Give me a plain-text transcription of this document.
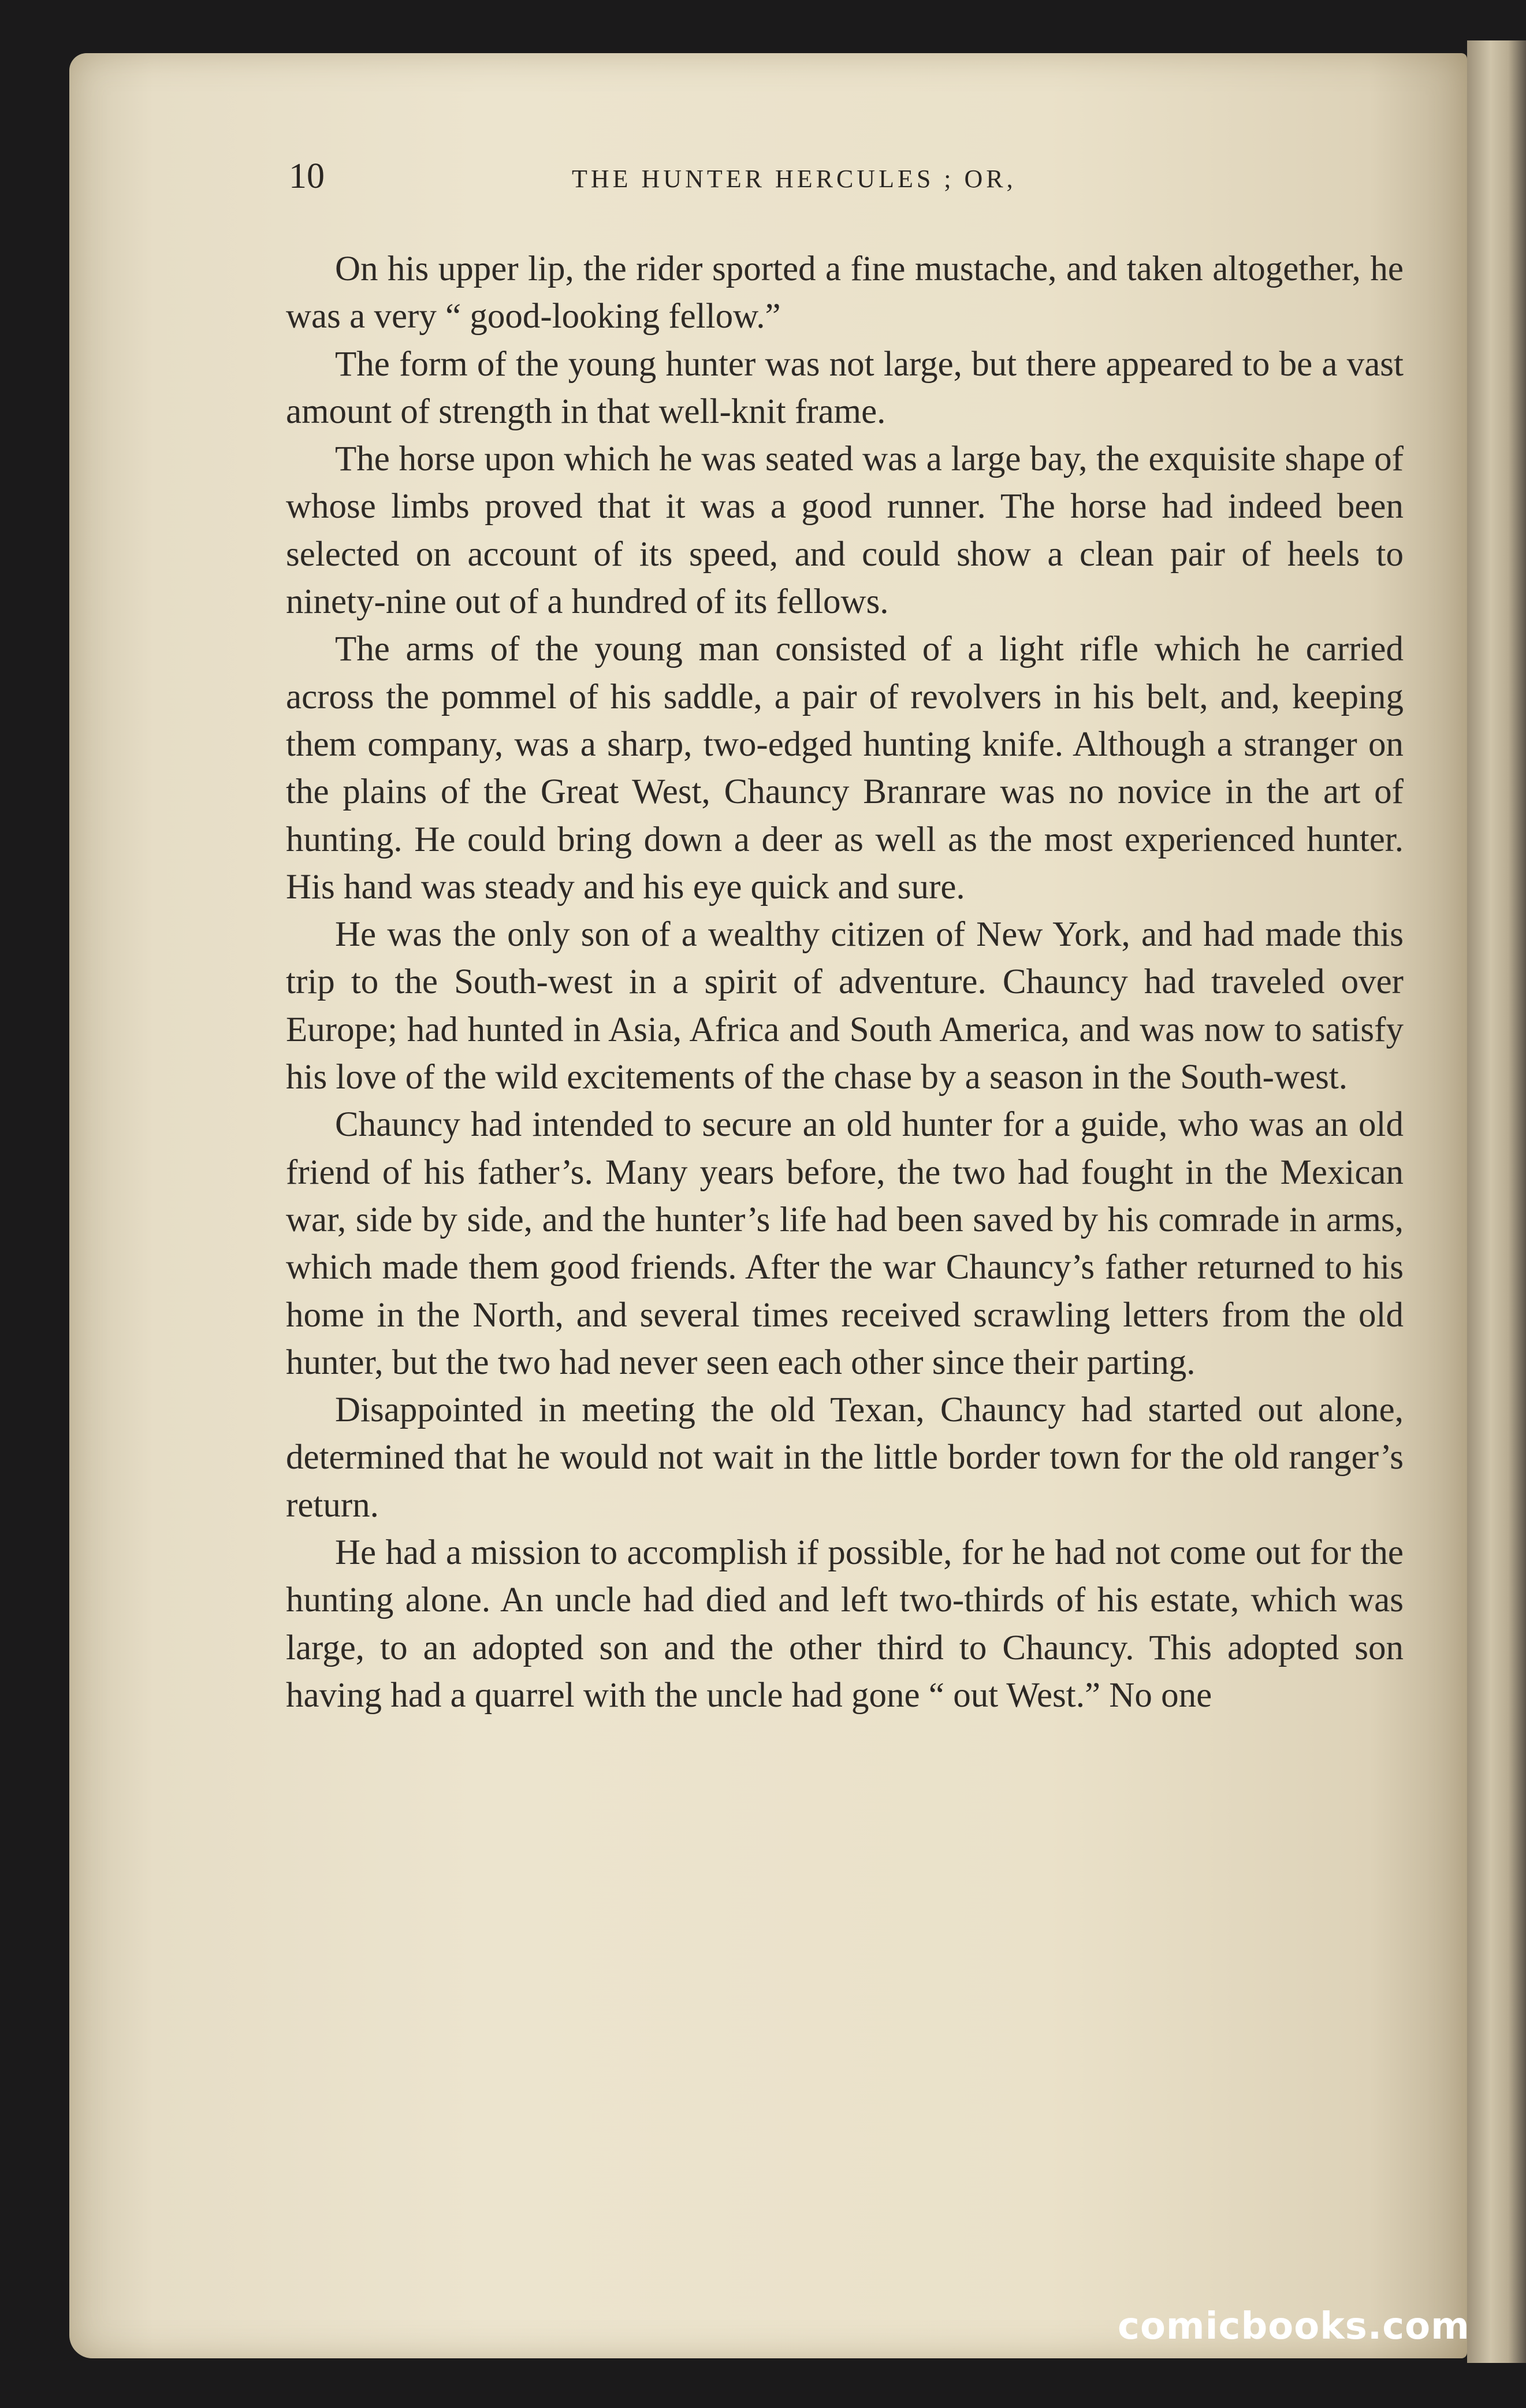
10	THE HUNTER HERCULES ; OR,

On his upper lip, the rider sported a fine mustache, and taken altogether, he was a very “ good-looking fellow.”

The form of the young hunter was not large, but there appeared to be a vast amount of strength in that well-knit frame.

The horse upon which he was seated was a large bay, the exquisite shape of whose limbs proved that it was a good runner. The horse had indeed been selected on account of its speed, and could show a clean pair of heels to ninety-nine out of a hundred of its fellows.

The arms of the young man consisted of a light rifle which he carried across the pommel of his saddle, a pair of revolvers in his belt, and, keeping them company, was a sharp, two-edged hunting knife. Although a stranger on the plains of the Great West, Chauncy Branrare was no novice in the art of hunting. He could bring down a deer as well as the most experienced hunter. His hand was steady and his eye quick and sure.

He was the only son of a wealthy citizen of New York, and had made this trip to the South-west in a spirit of adventure. Chauncy had traveled over Europe; had hunted in Asia, Africa and South America, and was now to satisfy his love of the wild excitements of the chase by a season in the South-west.

Chauncy had intended to secure an old hunter for a guide, who was an old friend of his father’s. Many years before, the two had fought in the Mexican war, side by side, and the hunter’s life had been saved by his comrade in arms, which made them good friends. After the war Chauncy’s father returned to his home in the North, and several times received scrawling letters from the old hunter, but the two had never seen each other since their parting.

Disappointed in meeting the old Texan, Chauncy had started out alone, determined that he would not wait in the little border town for the old ranger’s return.

He had a mission to accomplish if possible, for he had not come out for the hunting alone. An uncle had died and left two-thirds of his estate, which was large, to an adopted son and the other third to Chauncy. This adopted son having had a quarrel with the uncle had gone “ out West.” No one

comicbooks.com
